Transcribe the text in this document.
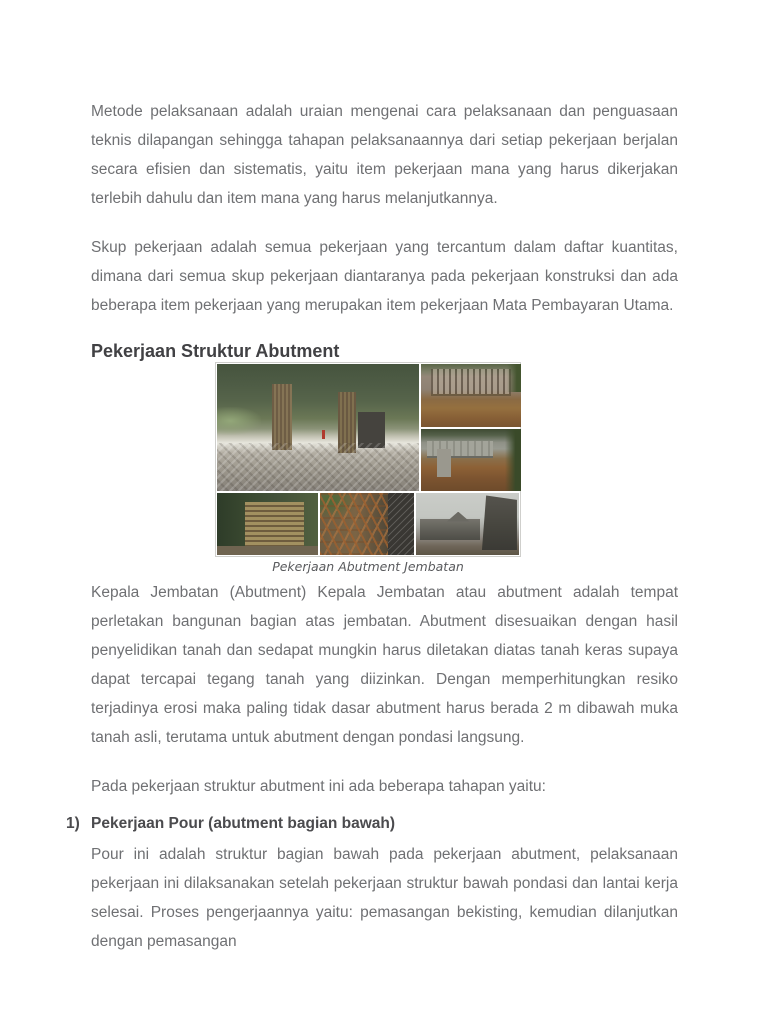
Metode pelaksanaan adalah uraian mengenai cara pelaksanaan dan penguasaan teknis dilapangan sehingga tahapan pelaksanaannya dari setiap pekerjaan berjalan secara efisien dan sistematis, yaitu item pekerjaan mana yang harus dikerjakan terlebih dahulu dan item mana yang harus melanjutkannya.

Skup pekerjaan adalah semua pekerjaan yang tercantum dalam daftar kuantitas, dimana dari semua skup pekerjaan diantaranya pada pekerjaan konstruksi dan ada beberapa item pekerjaan yang merupakan item pekerjaan Mata Pembayaran Utama.

Pekerjaan Struktur Abutment
Pekerjaan Abutment Jembatan

Kepala Jembatan (Abutment) Kepala Jembatan atau abutment adalah tempat perletakan bangunan bagian atas jembatan. Abutment disesuaikan dengan hasil penyelidikan tanah dan sedapat mungkin harus diletakan diatas tanah keras supaya dapat tercapai tegang tanah yang diizinkan. Dengan memperhitungkan resiko terjadinya erosi maka paling tidak dasar abutment harus berada 2 m dibawah muka tanah asli, terutama untuk abutment dengan pondasi langsung.

Pada pekerjaan struktur abutment ini ada beberapa tahapan yaitu:

1) Pekerjaan Pour (abutment bagian bawah)

Pour ini adalah struktur bagian bawah pada pekerjaan abutment, pelaksanaan pekerjaan ini dilaksanakan setelah pekerjaan struktur bawah pondasi dan lantai kerja selesai. Proses pengerjaannya yaitu: pemasangan bekisting, kemudian dilanjutkan dengan pemasangan
